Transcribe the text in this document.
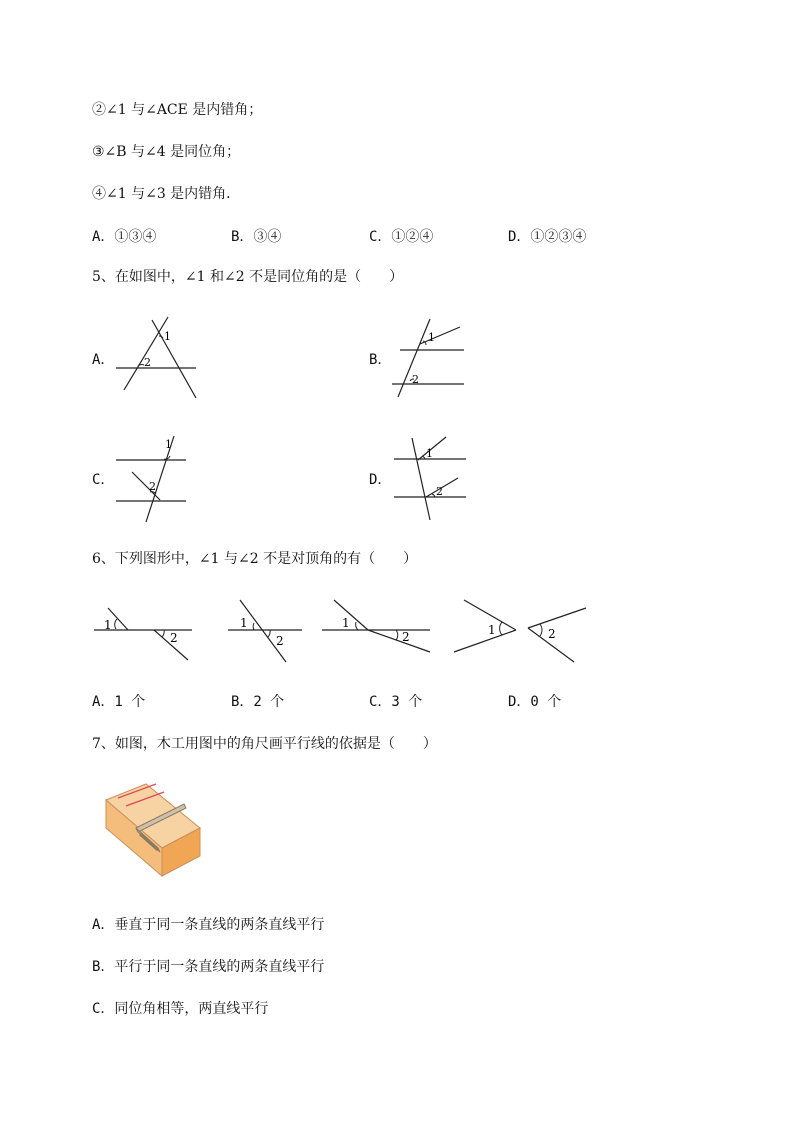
②∠1 与∠ACE 是内错角；
③∠B 与∠4 是同位角；
④∠1 与∠3 是内错角．
A．①③④	B．③④	C．①②④	D．①②③④
5、在如图中，∠1 和∠2 不是同位角的是（　　）
A．
1
2	B．
1
2
C．
1
2	D．
1
2
6、下列图形中，∠1 与∠2 不是对顶角的有（　　）
1
2
1
2
1
2	1	2
A．1 个	B．2 个	C．3 个	D．0 个
7、如图，木工用图中的角尺画平行线的依据是（　　）
A．垂直于同一条直线的两条直线平行
B．平行于同一条直线的两条直线平行
C．同位角相等，两直线平行
